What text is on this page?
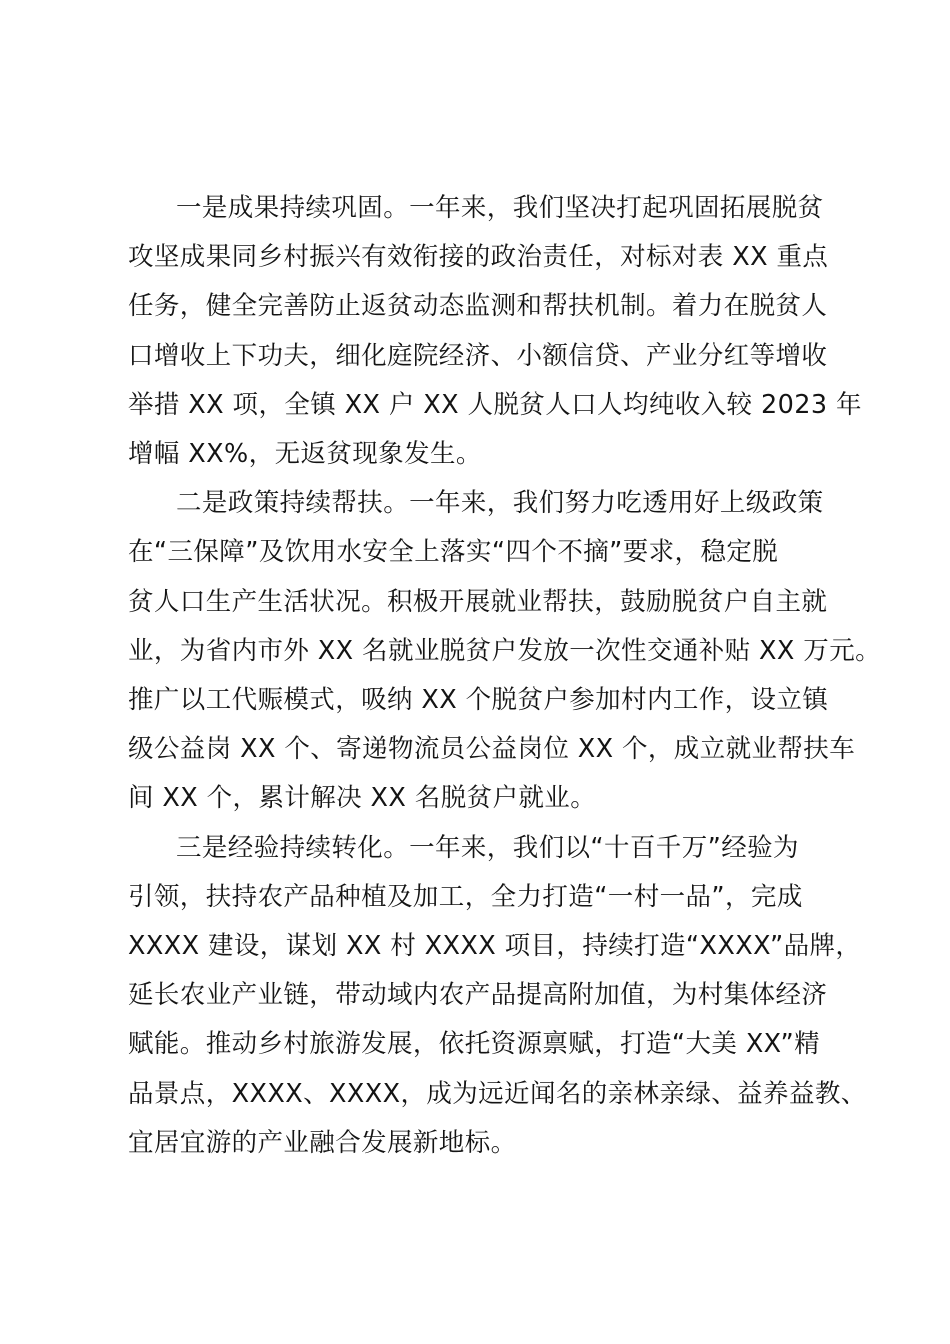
一是成果持续巩固。一年来，我们坚决打起巩固拓展脱贫
攻坚成果同乡村振兴有效衔接的政治责任，对标对表 XX 重点
任务，健全完善防止返贫动态监测和帮扶机制。着力在脱贫人
口增收上下功夫，细化庭院经济、小额信贷、产业分红等增收
举措 XX 项，全镇 XX 户 XX 人脱贫人口人均纯收入较 2023 年
增幅 XX%，无返贫现象发生。
二是政策持续帮扶。一年来，我们努力吃透用好上级政策
在“三保障”及饮用水安全上落实“四个不摘”要求，稳定脱
贫人口生产生活状况。积极开展就业帮扶，鼓励脱贫户自主就
业，为省内市外 XX 名就业脱贫户发放一次性交通补贴 XX 万元。
推广以工代赈模式，吸纳 XX 个脱贫户参加村内工作，设立镇
级公益岗 XX 个、寄递物流员公益岗位 XX 个，成立就业帮扶车
间 XX 个，累计解决 XX 名脱贫户就业。
三是经验持续转化。一年来，我们以“十百千万”经验为
引领，扶持农产品种植及加工，全力打造“一村一品”，完成
XXXX 建设，谋划 XX 村 XXXX 项目，持续打造“XXXX”品牌，
延长农业产业链，带动域内农产品提高附加值，为村集体经济
赋能。推动乡村旅游发展，依托资源禀赋，打造“大美 XX”精
品景点，XXXX、XXXX，成为远近闻名的亲林亲绿、益养益教、
宜居宜游的产业融合发展新地标。
